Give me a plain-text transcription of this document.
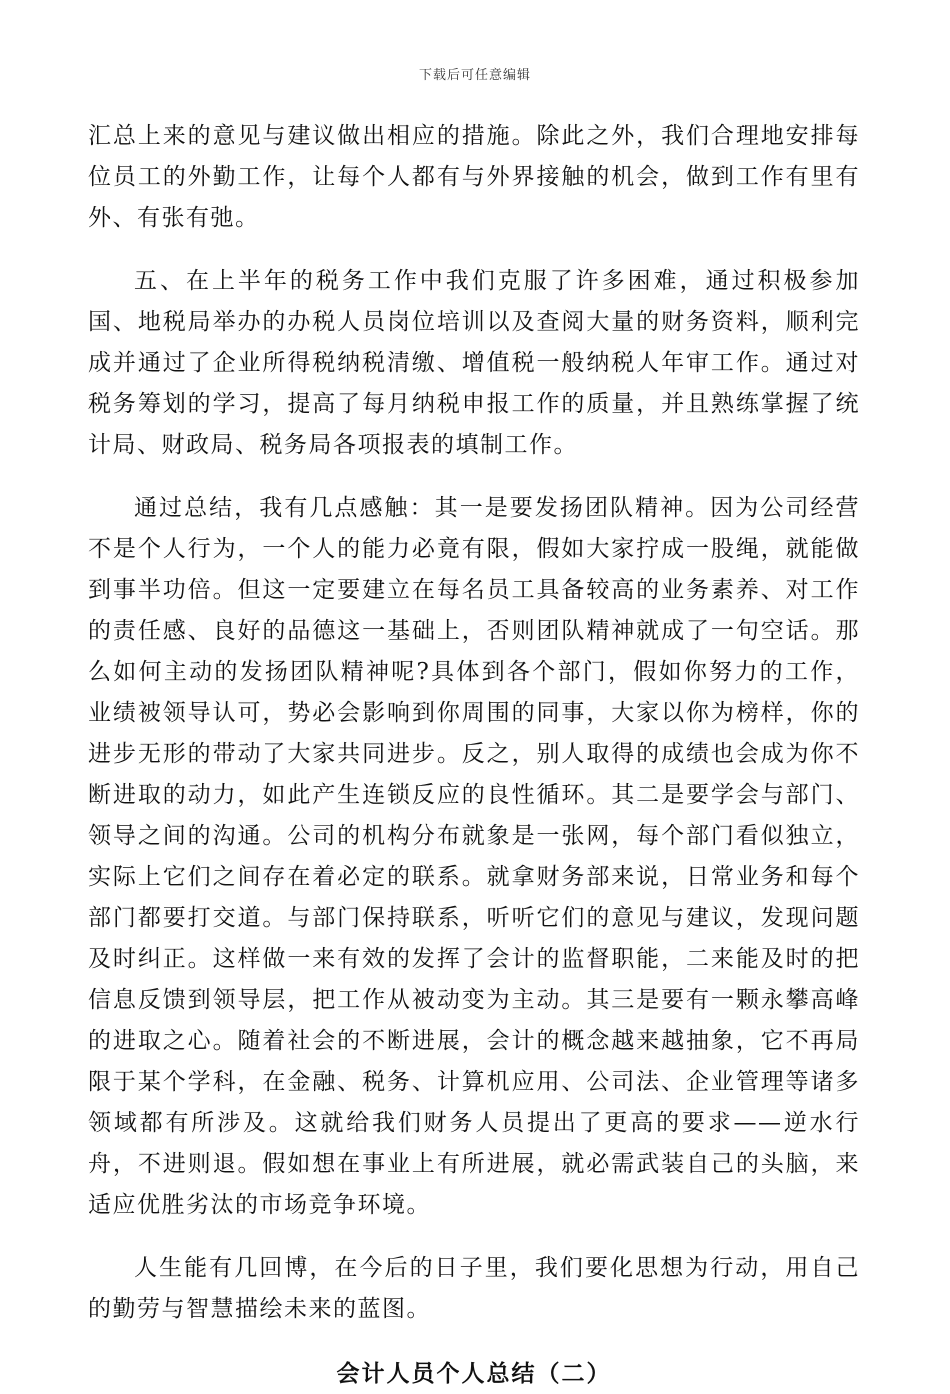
下载后可任意编辑

汇总上来的意见与建议做出相应的措施。除此之外，我们合理地安排每位员工的外勤工作，让每个人都有与外界接触的机会，做到工作有里有外、有张有弛。

五、在上半年的税务工作中我们克服了许多困难，通过积极参加国、地税局举办的办税人员岗位培训以及查阅大量的财务资料，顺利完成并通过了企业所得税纳税清缴、增值税一般纳税人年审工作。通过对税务筹划的学习，提高了每月纳税申报工作的质量，并且熟练掌握了统计局、财政局、税务局各项报表的填制工作。

通过总结，我有几点感触：其一是要发扬团队精神。因为公司经营不是个人行为，一个人的能力必竟有限，假如大家拧成一股绳，就能做到事半功倍。但这一定要建立在每名员工具备较高的业务素养、对工作的责任感、良好的品德这一基础上，否则团队精神就成了一句空话。那么如何主动的发扬团队精神呢?具体到各个部门，假如你努力的工作，业绩被领导认可，势必会影响到你周围的同事，大家以你为榜样，你的进步无形的带动了大家共同进步。反之，别人取得的成绩也会成为你不断进取的动力，如此产生连锁反应的良性循环。其二是要学会与部门、领导之间的沟通。公司的机构分布就象是一张网，每个部门看似独立，实际上它们之间存在着必定的联系。就拿财务部来说，日常业务和每个部门都要打交道。与部门保持联系，听听它们的意见与建议，发现问题及时纠正。这样做一来有效的发挥了会计的监督职能，二来能及时的把信息反馈到领导层，把工作从被动变为主动。其三是要有一颗永攀高峰的进取之心。随着社会的不断进展，会计的概念越来越抽象，它不再局限于某个学科，在金融、税务、计算机应用、公司法、企业管理等诸多领域都有所涉及。这就给我们财务人员提出了更高的要求——逆水行舟，不进则退。假如想在事业上有所进展，就必需武装自己的头脑，来适应优胜劣汰的市场竞争环境。

人生能有几回博，在今后的日子里，我们要化思想为行动，用自己的勤劳与智慧描绘未来的蓝图。

会计人员个人总结（二）
